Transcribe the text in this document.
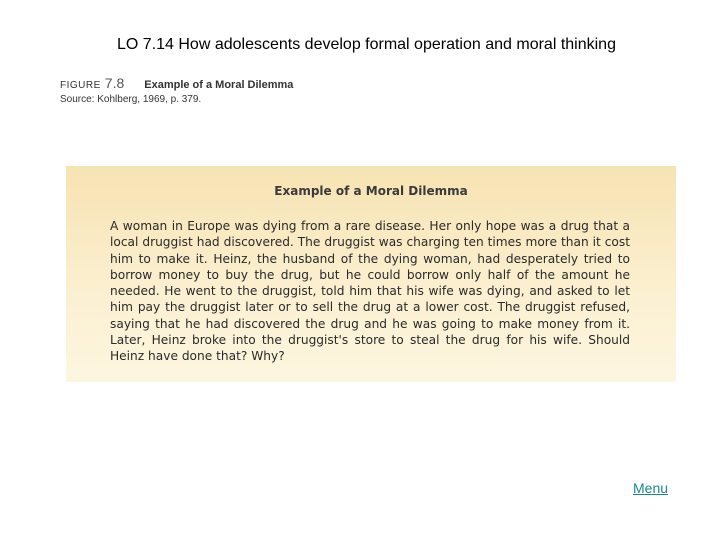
LO 7.14 How adolescents develop formal operation and moral thinking
FIGURE 7.8 Example of a Moral Dilemma
Source: Kohlberg, 1969, p. 379.
Example of a Moral Dilemma
A woman in Europe was dying from a rare disease. Her only hope was a drug that a local druggist had discovered. The druggist was charging ten times more than it cost him to make it. Heinz, the husband of the dying woman, had desperately tried to borrow money to buy the drug, but he could borrow only half of the amount he needed. He went to the druggist, told him that his wife was dying, and asked to let him pay the druggist later or to sell the drug at a lower cost. The druggist refused, saying that he had discovered the drug and he was going to make money from it. Later, Heinz broke into the druggist's store to steal the drug for his wife. Should Heinz have done that? Why?
Menu
